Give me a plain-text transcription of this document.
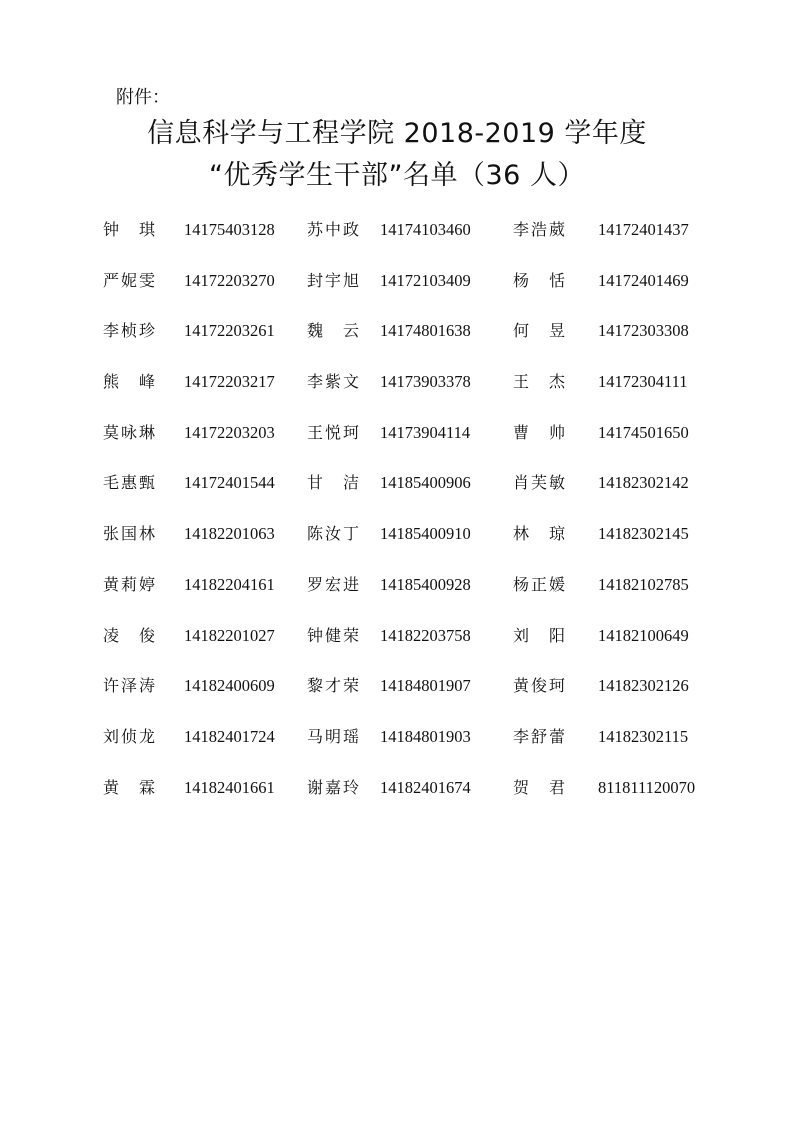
附件：
信息科学与工程学院 2018-2019 学年度
“优秀学生干部”名单（36 人）
钟　琪 14175403128 苏中政 14174103460	李浩葳 14172401437
严妮雯 14172203270 封宇旭 14172103409	杨　恬 14172401469
李桢珍 14172203261 魏　云 14174801638	何　昱 14172303308
熊　峰 14172203217 李紫文 14173903378	王　杰 14172304111
莫咏琳 14172203203 王悦珂 14173904114	曹　帅 14174501650
毛惠甄 14172401544 甘　洁 14185400906	肖芙敏 14182302142
张国林 14182201063 陈汝丁 14185400910	林　琼 14182302145
黄莉婷 14182204161 罗宏进 14185400928	杨正媛 14182102785
凌　俊 14182201027 钟健荣 14182203758	刘　阳 14182100649
许泽涛 14182400609 黎才荣 14184801907	黄俊珂 14182302126
刘侦龙 14182401724 马明瑶 14184801903	李舒蕾 14182302115
黄　霖 14182401661 谢嘉玲 14182401674	贺　君 811811120070
